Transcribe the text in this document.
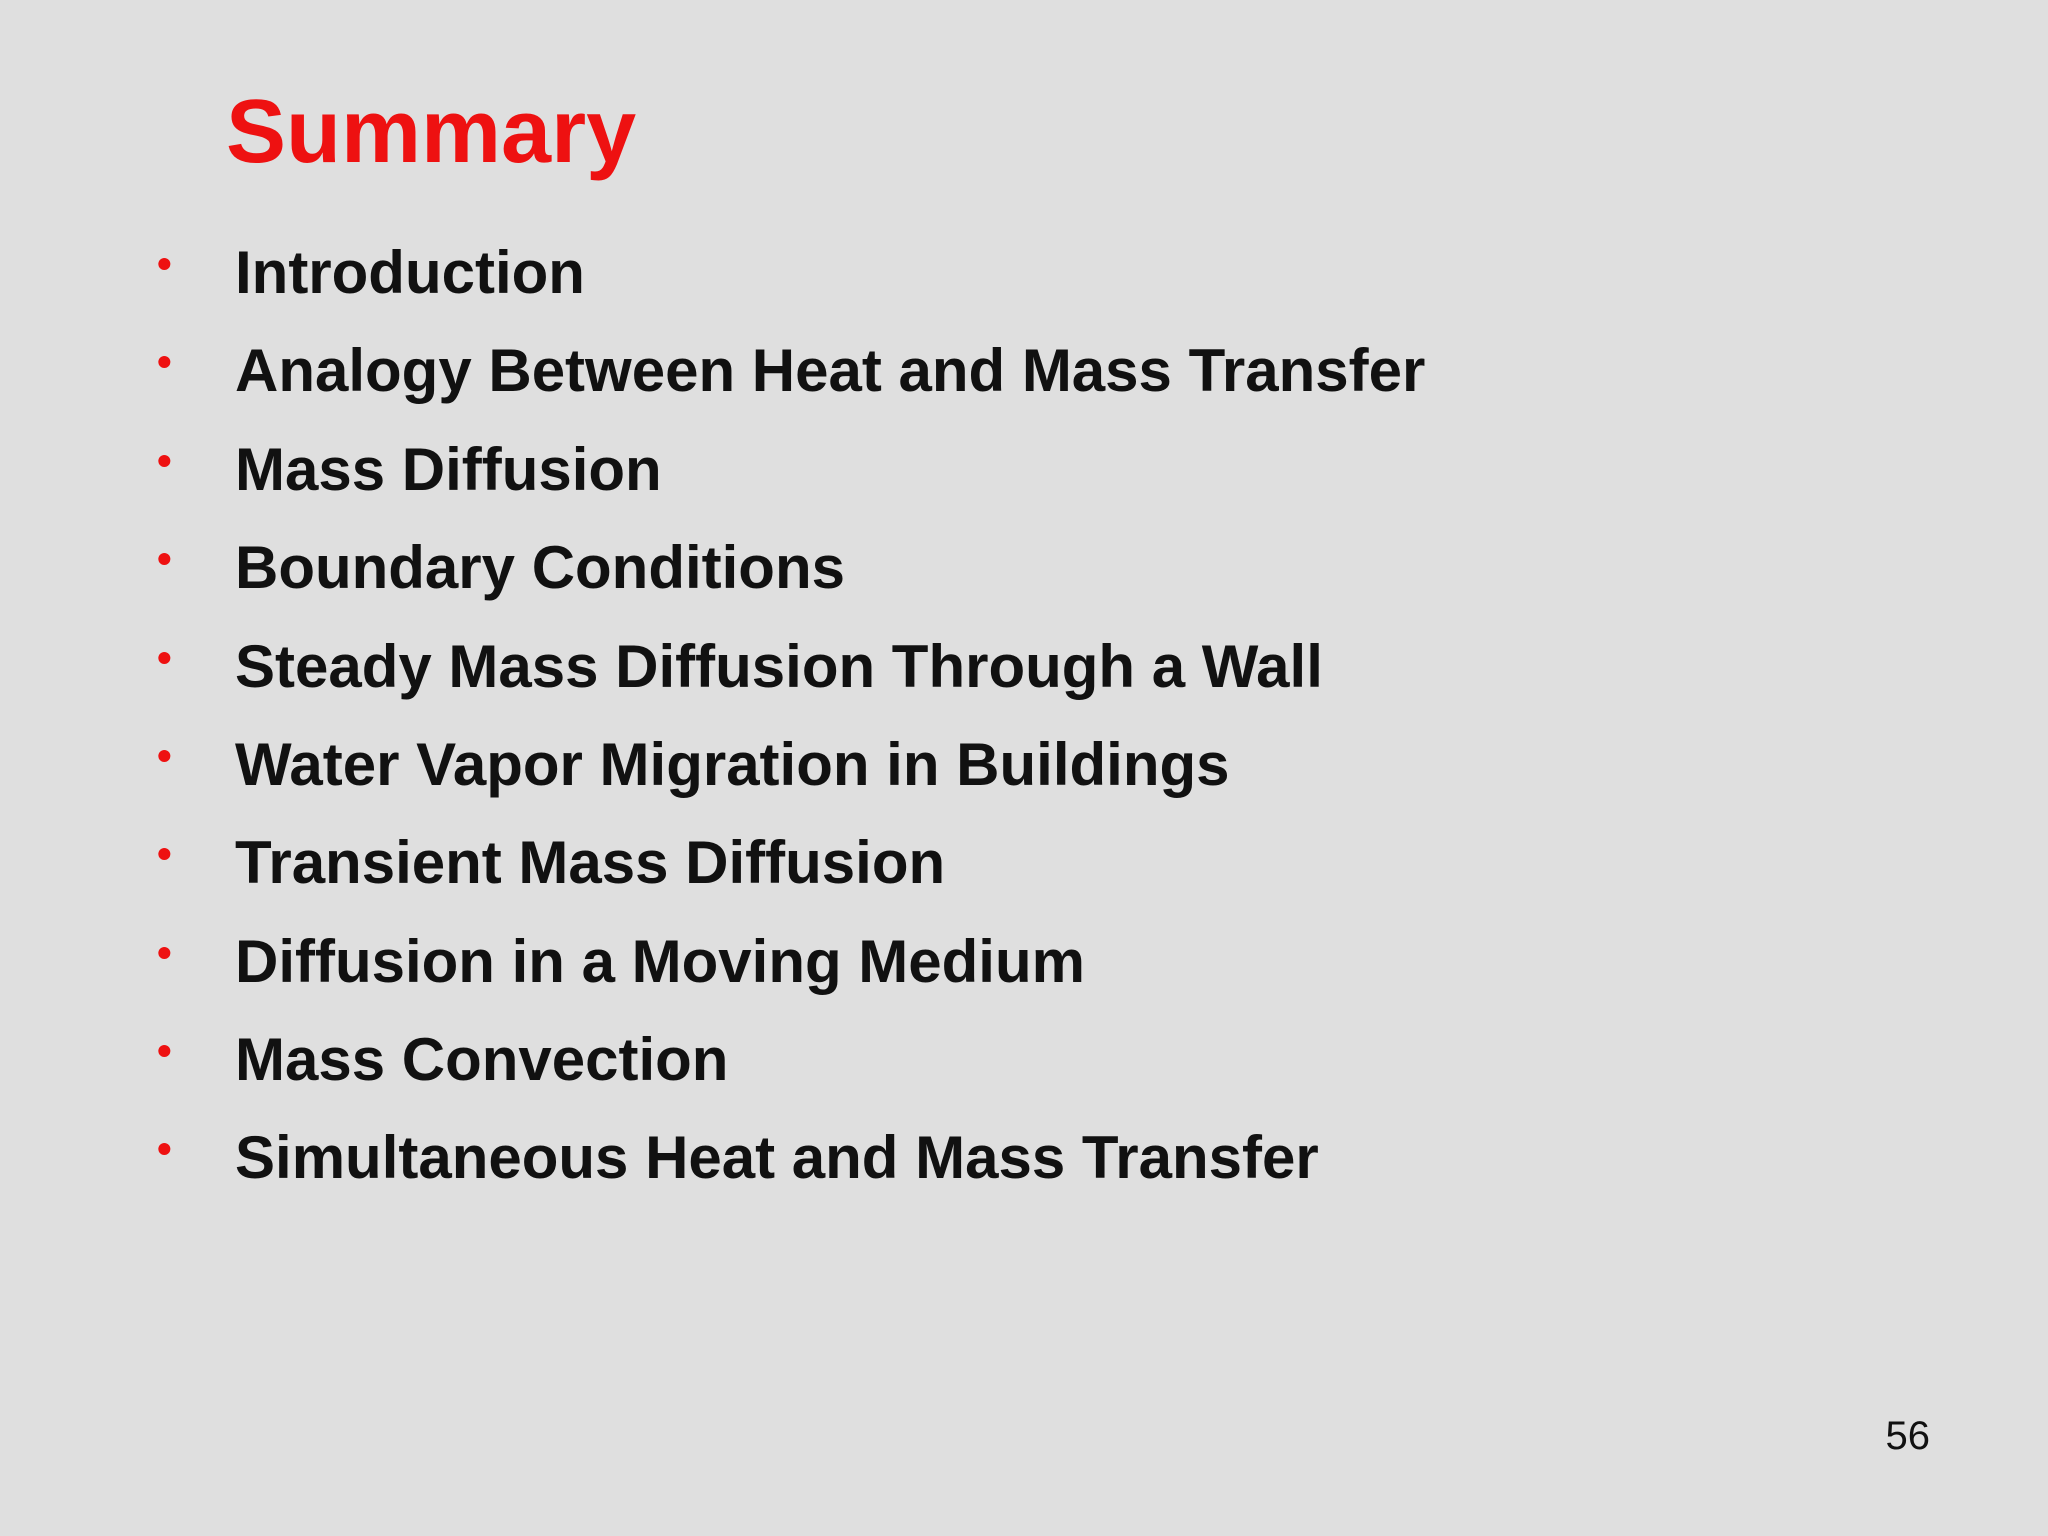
Summary
• Introduction
• Analogy Between Heat and Mass Transfer
• Mass Diffusion
• Boundary Conditions
• Steady Mass Diffusion Through a Wall
• Water Vapor Migration in Buildings
• Transient Mass Diffusion
• Diffusion in a Moving Medium
• Mass Convection
• Simultaneous Heat and Mass Transfer
56
